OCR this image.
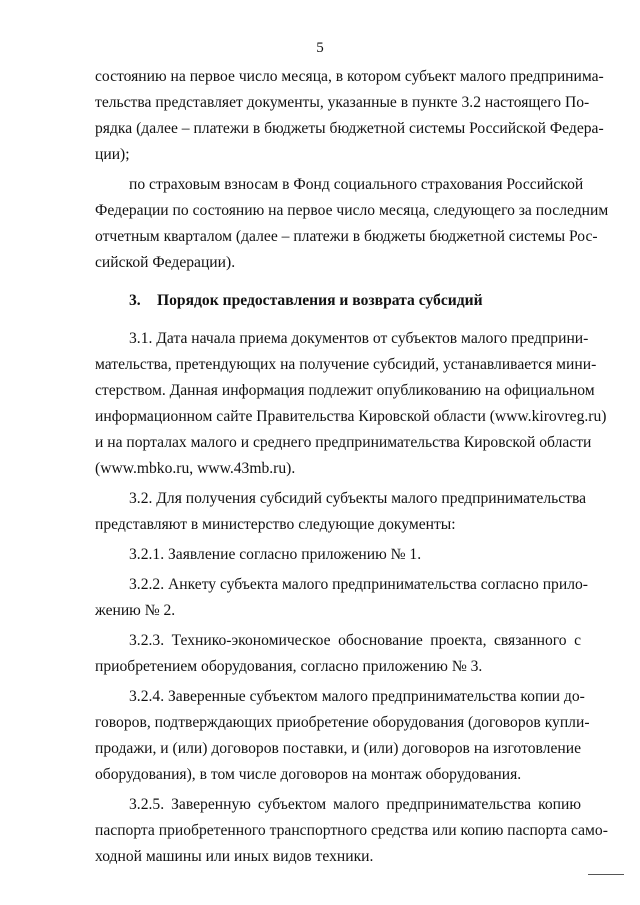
5
состоянию на первое число месяца, в котором субъект малого предпринима-
тельства представляет документы, указанные в пункте 3.2 настоящего По-
рядка (далее – платежи в бюджеты бюджетной системы Российской Федера-
ции);
по страховым взносам в Фонд социального страхования Российской
Федерации по состоянию на первое число месяца, следующего за последним
отчетным кварталом (далее – платежи в бюджеты бюджетной системы Рос-
сийской Федерации).
3. Порядок предоставления и возврата субсидий
3.1. Дата начала приема документов от субъектов малого предприни-
мательства, претендующих на получение субсидий, устанавливается мини-
стерством. Данная информация подлежит опубликованию на официальном
информационном сайте Правительства Кировской области (www.kirovreg.ru)
и на порталах малого и среднего предпринимательства Кировской области
(www.mbko.ru, www.43mb.ru).
3.2. Для получения субсидий субъекты малого предпринимательства
представляют в министерство следующие документы:
3.2.1. Заявление согласно приложению № 1.
3.2.2. Анкету субъекта малого предпринимательства согласно прило-
жению № 2.
3.2.3. Технико-экономическое обоснование проекта, связанного с
приобретением оборудования, согласно приложению № 3.
3.2.4. Заверенные субъектом малого предпринимательства копии до-
говоров, подтверждающих приобретение оборудования (договоров купли-
продажи, и (или) договоров поставки, и (или) договоров на изготовление
оборудования), в том числе договоров на монтаж оборудования.
3.2.5. Заверенную субъектом малого предпринимательства копию
паспорта приобретенного транспортного средства или копию паспорта само-
ходной машины или иных видов техники.
